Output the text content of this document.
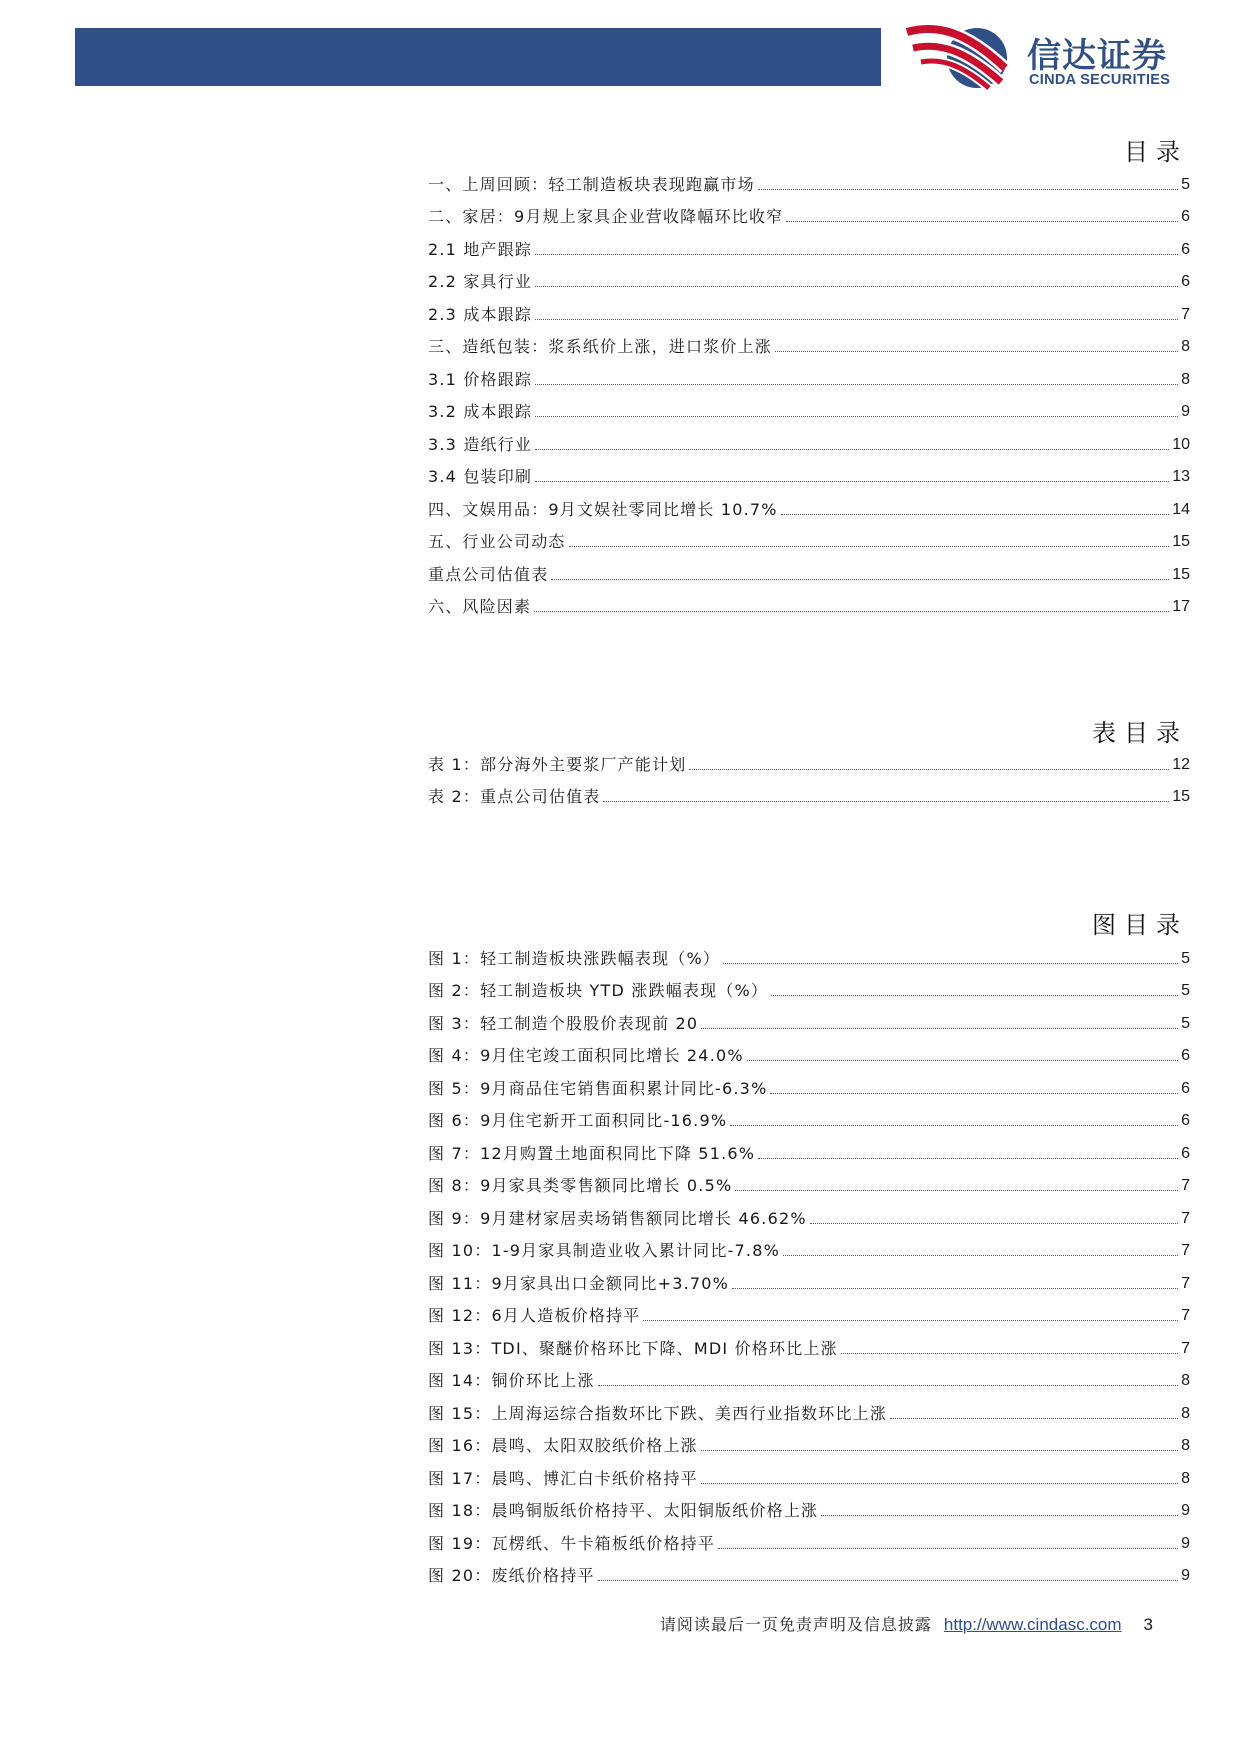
信达证券
CINDA SECURITIES
目录
一、上周回顾：轻工制造板块表现跑赢市场	5
二、家居：9月规上家具企业营收降幅环比收窄	6
2.1 地产跟踪	6
2.2 家具行业	6
2.3 成本跟踪	7
三、造纸包装：浆系纸价上涨，进口浆价上涨	8
3.1 价格跟踪	8
3.2 成本跟踪	9
3.3 造纸行业	10
3.4 包装印刷	13
四、文娱用品：9月文娱社零同比增长 10.7%	14
五、行业公司动态	15
重点公司估值表	15
六、风险因素	17
表目录
表 1：部分海外主要浆厂产能计划	12
表 2：重点公司估值表	15
图目录
图 1：轻工制造板块涨跌幅表现（%）	5
图 2：轻工制造板块 YTD 涨跌幅表现（%）	5
图 3：轻工制造个股股价表现前 20	5
图 4：9月住宅竣工面积同比增长 24.0%	6
图 5：9月商品住宅销售面积累计同比-6.3%	6
图 6：9月住宅新开工面积同比-16.9%	6
图 7：12月购置土地面积同比下降 51.6%	6
图 8：9月家具类零售额同比增长 0.5%	7
图 9：9月建材家居卖场销售额同比增长 46.62%	7
图 10：1-9月家具制造业收入累计同比-7.8%	7
图 11：9月家具出口金额同比+3.70%	7
图 12：6月人造板价格持平	7
图 13：TDI、聚醚价格环比下降、MDI 价格环比上涨	7
图 14：铜价环比上涨	8
图 15：上周海运综合指数环比下跌、美西行业指数环比上涨	8
图 16：晨鸣、太阳双胶纸价格上涨	8
图 17：晨鸣、博汇白卡纸价格持平	8
图 18：晨鸣铜版纸价格持平、太阳铜版纸价格上涨	9
图 19：瓦楞纸、牛卡箱板纸价格持平	9
图 20：废纸价格持平	9
请阅读最后一页免责声明及信息披露 http://www.cindasc.com 3
